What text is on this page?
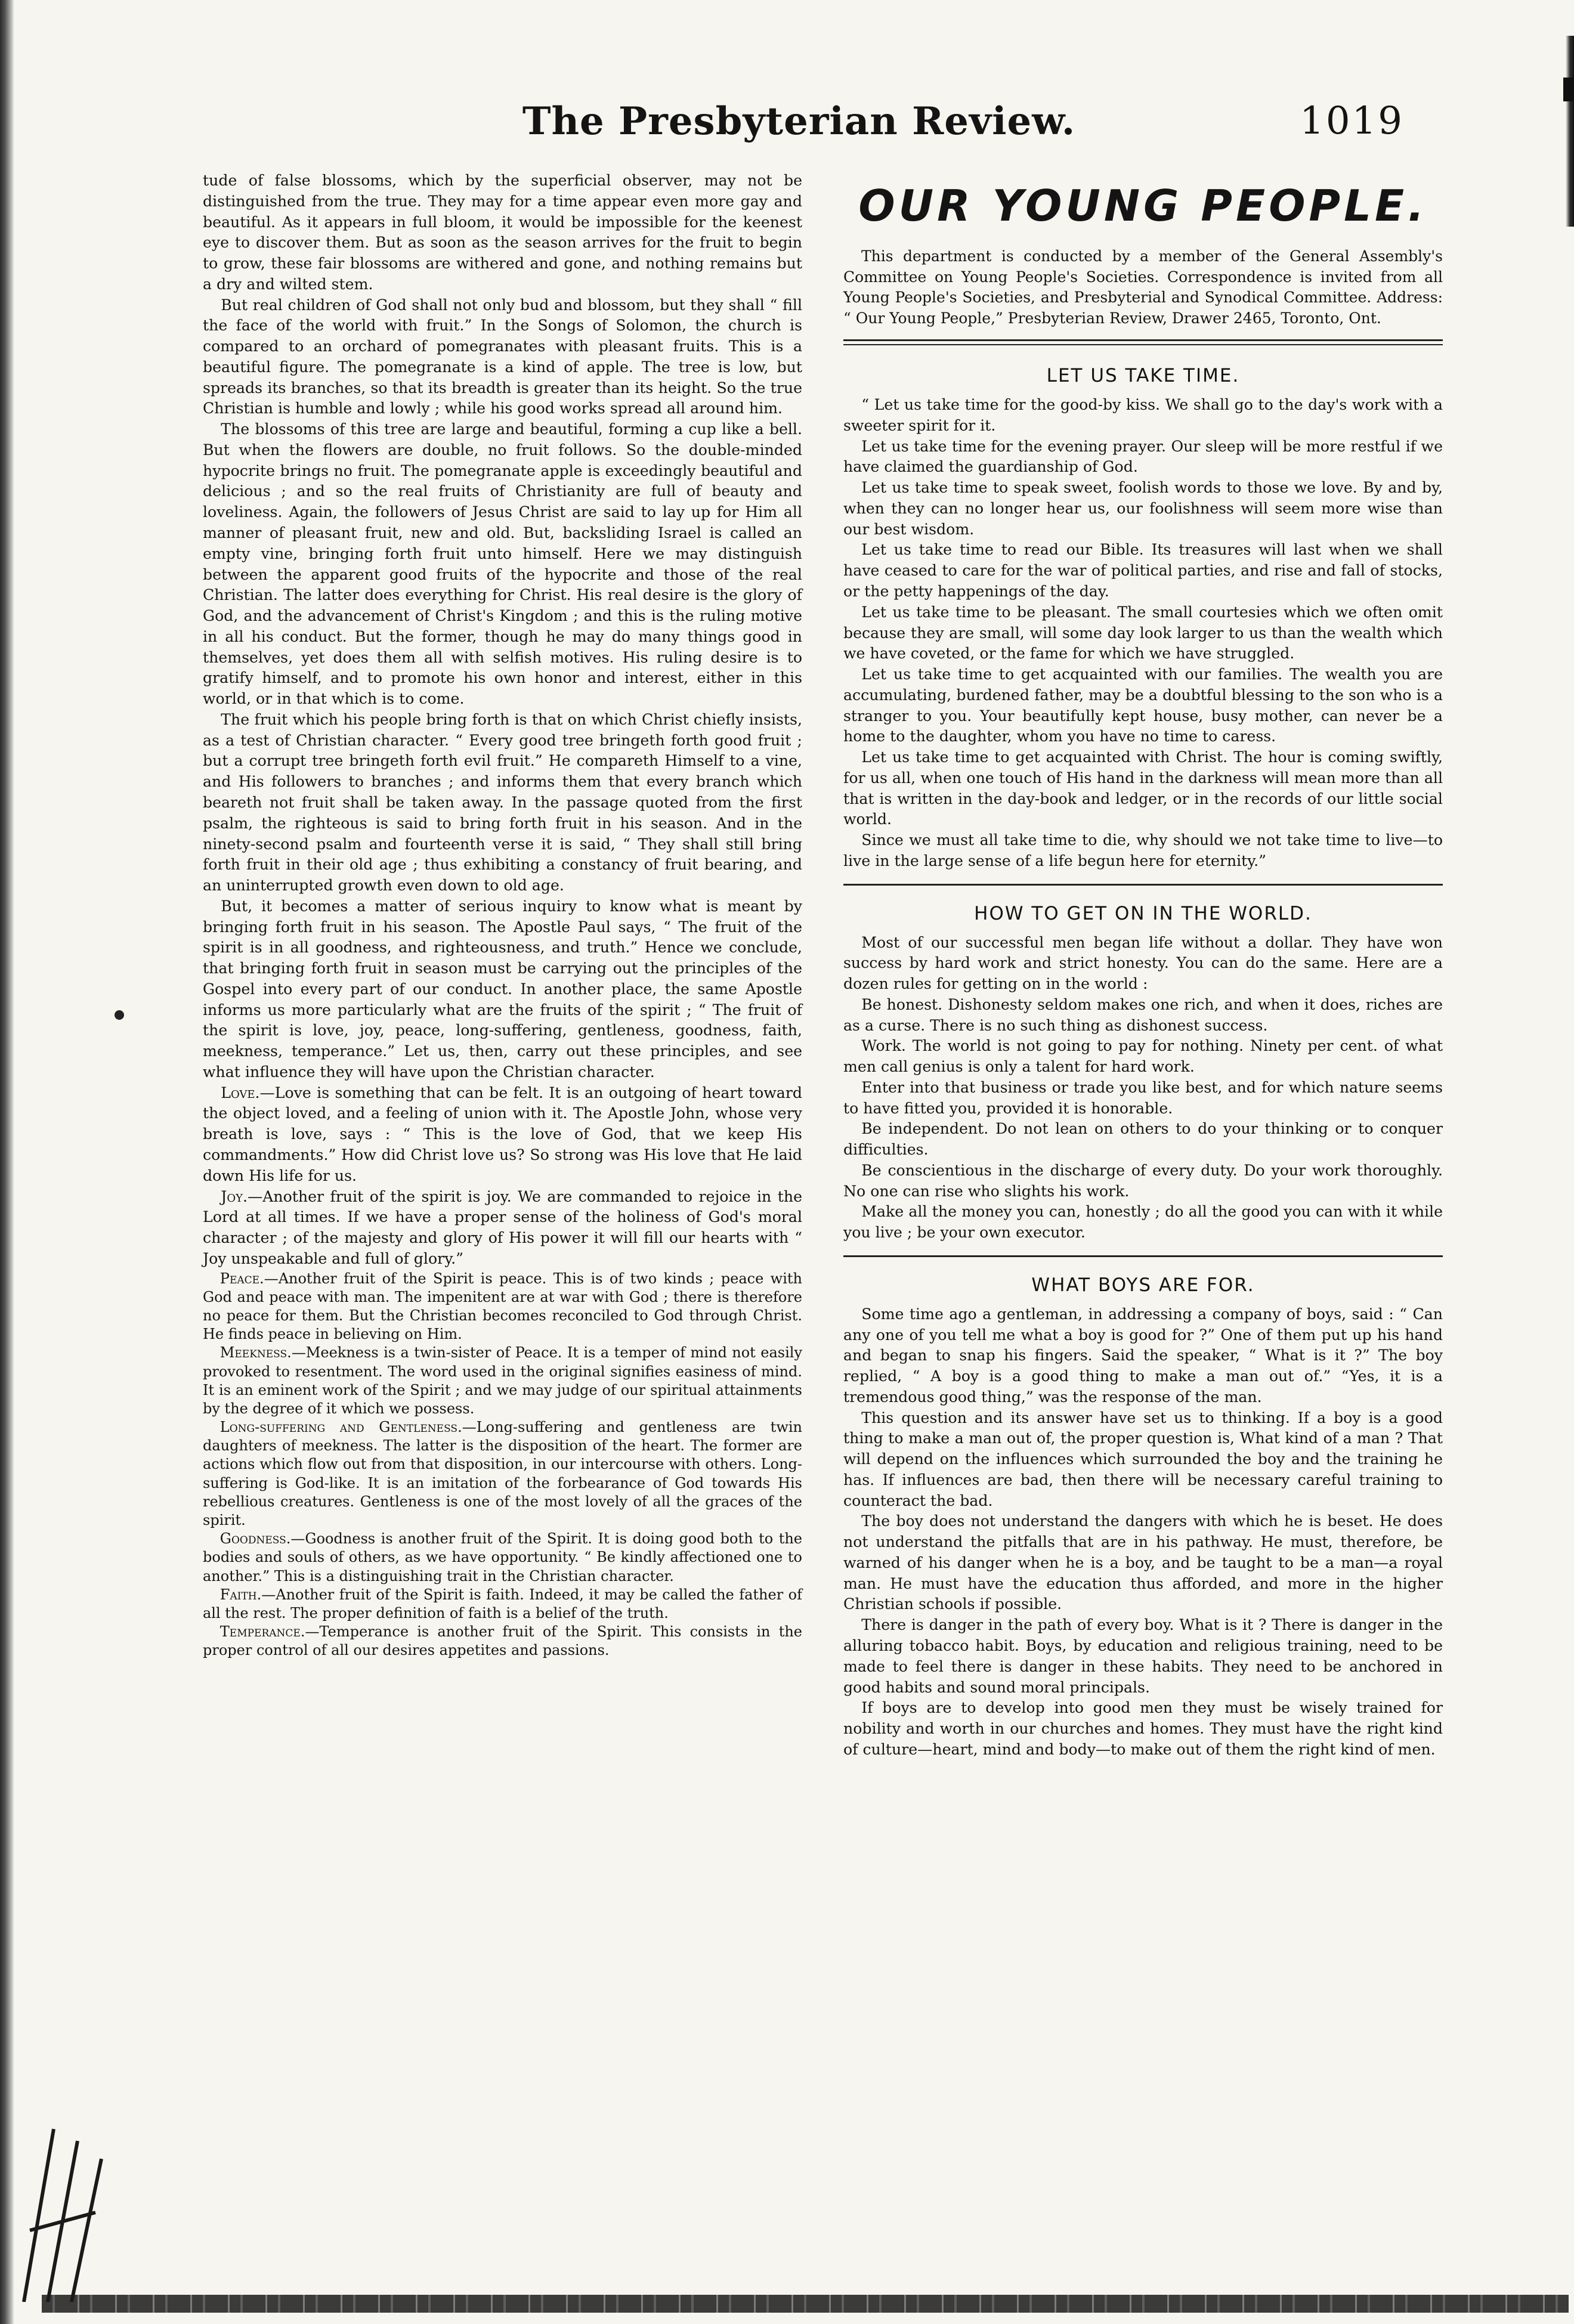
The Presbyterian Review.	1019

tude of false blossoms, which by the superficial observer, may not be distinguished from the true. They may for a time appear even more gay and beautiful. As it appears in full bloom, it would be impossible for the keenest eye to discover them. But as soon as the season arrives for the fruit to begin to grow, these fair blossoms are withered and gone, and nothing remains but a dry and wilted stem.

But real children of God shall not only bud and blossom, but they shall “ fill the face of the world with fruit.” In the Songs of Solomon, the church is compared to an orchard of pomegranates with pleasant fruits. This is a beautiful figure. The pomegranate is a kind of apple. The tree is low, but spreads its branches, so that its breadth is greater than its height. So the true Christian is humble and lowly ; while his good works spread all around him.

The blossoms of this tree are large and beautiful, forming a cup like a bell. But when the flowers are double, no fruit follows. So the double-minded hypocrite brings no fruit. The pomegranate apple is exceedingly beautiful and delicious ; and so the real fruits of Christianity are full of beauty and loveliness. Again, the followers of Jesus Christ are said to lay up for Him all manner of pleasant fruit, new and old. But, backsliding Israel is called an empty vine, bringing forth fruit unto himself. Here we may distinguish between the apparent good fruits of the hypocrite and those of the real Christian. The latter does everything for Christ. His real desire is the glory of God, and the advancement of Christ's Kingdom ; and this is the ruling motive in all his conduct. But the former, though he may do many things good in themselves, yet does them all with selfish motives. His ruling desire is to gratify himself, and to promote his own honor and interest, either in this world, or in that which is to come.

The fruit which his people bring forth is that on which Christ chiefly insists, as a test of Christian character. “ Every good tree bringeth forth good fruit ; but a corrupt tree bringeth forth evil fruit.” He compareth Himself to a vine, and His followers to branches ; and informs them that every branch which beareth not fruit shall be taken away. In the passage quoted from the first psalm, the righteous is said to bring forth fruit in his season. And in the ninety-second psalm and fourteenth verse it is said, “ They shall still bring forth fruit in their old age ; thus exhibiting a constancy of fruit bearing, and an uninterrupted growth even down to old age.

But, it becomes a matter of serious inquiry to know what is meant by bringing forth fruit in his season. The Apostle Paul says, “ The fruit of the spirit is in all goodness, and righteousness, and truth.” Hence we conclude, that bringing forth fruit in season must be carrying out the principles of the Gospel into every part of our conduct. In another place, the same Apostle informs us more particularly what are the fruits of the spirit ; “ The fruit of the spirit is love, joy, peace, long-suffering, gentleness, goodness, faith, meekness, temperance.” Let us, then, carry out these principles, and see what influence they will have upon the Christian character.

Love.—Love is something that can be felt. It is an outgoing of heart toward the object loved, and a feeling of union with it. The Apostle John, whose very breath is love, says : “ This is the love of God, that we keep His commandments.” How did Christ love us? So strong was His love that He laid down His life for us.

Joy.—Another fruit of the spirit is joy. We are commanded to rejoice in the Lord at all times. If we have a proper sense of the holiness of God's moral character ; of the majesty and glory of His power it will fill our hearts with “ Joy unspeakable and full of glory.”

Peace.—Another fruit of the Spirit is peace. This is of two kinds ; peace with God and peace with man. The impenitent are at war with God ; there is therefore no peace for them. But the Christian becomes reconciled to God through Christ. He finds peace in believing on Him.

Meekness.—Meekness is a twin-sister of Peace. It is a temper of mind not easily provoked to resentment. The word used in the original signifies easiness of mind. It is an eminent work of the Spirit ; and we may judge of our spiritual attainments by the degree of it which we possess.

Long-suffering and Gentleness.—Long-suffering and gentleness are twin daughters of meekness. The latter is the disposition of the heart. The former are actions which flow out from that disposition, in our intercourse with others. Long-suffering is God-like. It is an imitation of the forbearance of God towards His rebellious creatures. Gentleness is one of the most lovely of all the graces of the spirit.

Goodness.—Goodness is another fruit of the Spirit. It is doing good both to the bodies and souls of others, as we have opportunity. “ Be kindly affectioned one to another.” This is a distinguishing trait in the Christian character.

Faith.—Another fruit of the Spirit is faith. Indeed, it may be called the father of all the rest. The proper definition of faith is a belief of the truth.

Temperance.—Temperance is another fruit of the Spirit. This consists in the proper control of all our desires appetites and passions.

OUR YOUNG PEOPLE.

This department is conducted by a member of the General Assembly's Committee on Young People's Societies. Correspondence is invited from all Young People's Societies, and Presbyterial and Synodical Committee. Address: “ Our Young People,” Presbyterian Review, Drawer 2465, Toronto, Ont.

LET US TAKE TIME.

“ Let us take time for the good-by kiss. We shall go to the day's work with a sweeter spirit for it.

Let us take time for the evening prayer. Our sleep will be more restful if we have claimed the guardianship of God.

Let us take time to speak sweet, foolish words to those we love. By and by, when they can no longer hear us, our foolishness will seem more wise than our best wisdom.

Let us take time to read our Bible. Its treasures will last when we shall have ceased to care for the war of political parties, and rise and fall of stocks, or the petty happenings of the day.

Let us take time to be pleasant. The small courtesies which we often omit because they are small, will some day look larger to us than the wealth which we have coveted, or the fame for which we have struggled.

Let us take time to get acquainted with our families. The wealth you are accumulating, burdened father, may be a doubtful blessing to the son who is a stranger to you. Your beautifully kept house, busy mother, can never be a home to the daughter, whom you have no time to caress.

Let us take time to get acquainted with Christ. The hour is coming swiftly, for us all, when one touch of His hand in the darkness will mean more than all that is written in the day-book and ledger, or in the records of our little social world.

Since we must all take time to die, why should we not take time to live—to live in the large sense of a life begun here for eternity.”

HOW TO GET ON IN THE WORLD.

Most of our successful men began life without a dollar. They have won success by hard work and strict honesty. You can do the same. Here are a dozen rules for getting on in the world :

Be honest. Dishonesty seldom makes one rich, and when it does, riches are as a curse. There is no such thing as dishonest success.

Work. The world is not going to pay for nothing. Ninety per cent. of what men call genius is only a talent for hard work.

Enter into that business or trade you like best, and for which nature seems to have fitted you, provided it is honorable.

Be independent. Do not lean on others to do your thinking or to conquer difficulties.

Be conscientious in the discharge of every duty. Do your work thoroughly. No one can rise who slights his work.

Make all the money you can, honestly ; do all the good you can with it while you live ; be your own executor.

WHAT BOYS ARE FOR.

Some time ago a gentleman, in addressing a company of boys, said : “ Can any one of you tell me what a boy is good for ?” One of them put up his hand and began to snap his fingers. Said the speaker, “ What is it ?” The boy replied, “ A boy is a good thing to make a man out of.” “Yes, it is a tremendous good thing,” was the response of the man.

This question and its answer have set us to thinking. If a boy is a good thing to make a man out of, the proper question is, What kind of a man ? That will depend on the influences which surrounded the boy and the training he has. If influences are bad, then there will be necessary careful training to counteract the bad.

The boy does not understand the dangers with which he is beset. He does not understand the pitfalls that are in his pathway. He must, therefore, be warned of his danger when he is a boy, and be taught to be a man—a royal man. He must have the education thus afforded, and more in the higher Christian schools if possible.

There is danger in the path of every boy. What is it ? There is danger in the alluring tobacco habit. Boys, by education and religious training, need to be made to feel there is danger in these habits. They need to be anchored in good habits and sound moral principals.

If boys are to develop into good men they must be wisely trained for nobility and worth in our churches and homes. They must have the right kind of culture—heart, mind and body—to make out of them the right kind of men.
